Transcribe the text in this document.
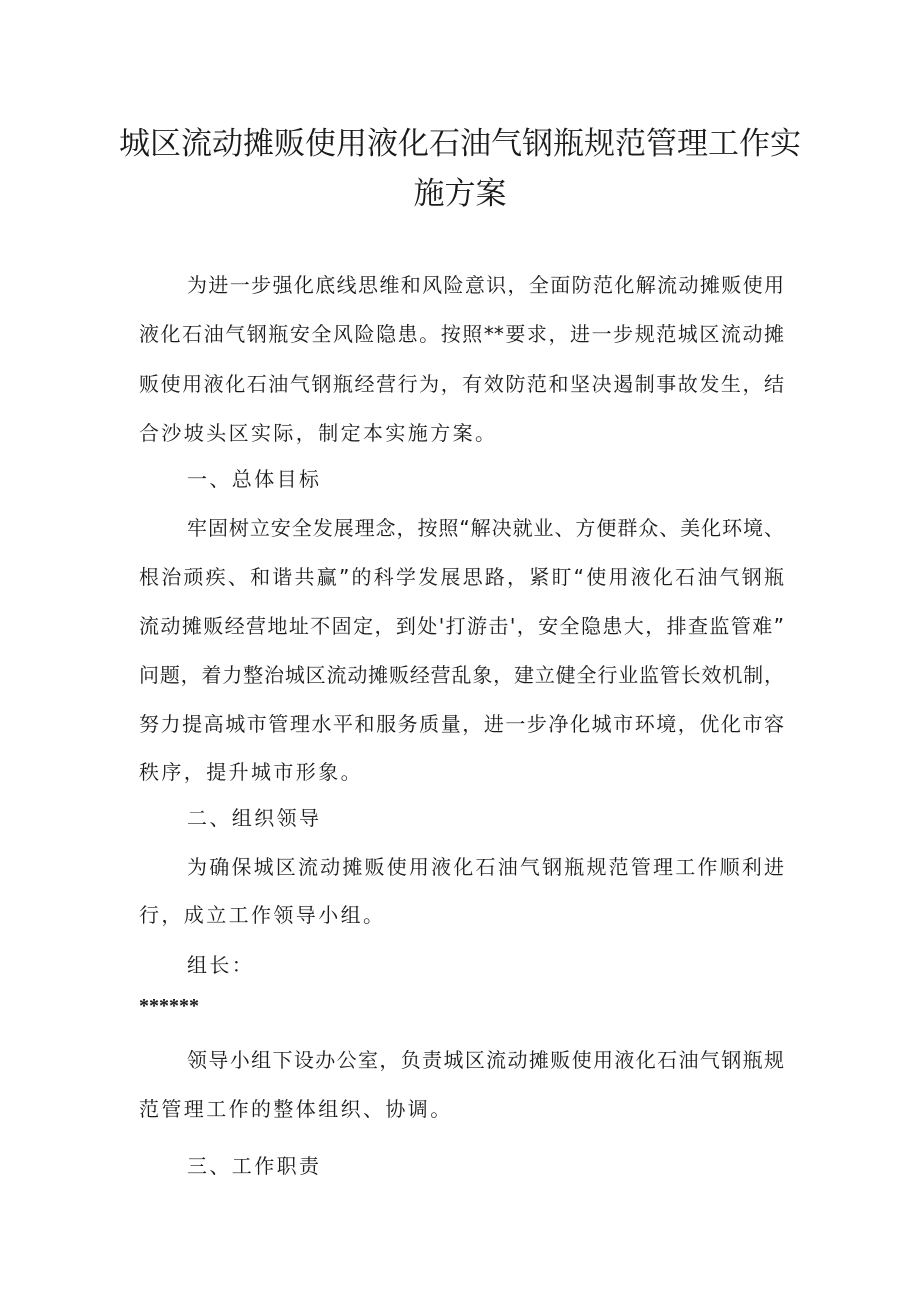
城区流动摊贩使用液化石油气钢瓶规范管理工作实
施方案
为进一步强化底线思维和风险意识，全面防范化解流动摊贩使用
液化石油气钢瓶安全风险隐患。按照**要求，进一步规范城区流动摊
贩使用液化石油气钢瓶经营行为，有效防范和坚决遏制事故发生，结
合沙坡头区实际，制定本实施方案。
一、总体目标
牢固树立安全发展理念，按照“解决就业、方便群众、美化环境、
根治顽疾、和谐共赢”的科学发展思路，紧盯“使用液化石油气钢瓶
流动摊贩经营地址不固定，到处'打游击'，安全隐患大，排查监管难”
问题，着力整治城区流动摊贩经营乱象，建立健全行业监管长效机制，
努力提高城市管理水平和服务质量，进一步净化城市环境，优化市容
秩序，提升城市形象。
二、组织领导
为确保城区流动摊贩使用液化石油气钢瓶规范管理工作顺利进
行，成立工作领导小组。
组长：
******
领导小组下设办公室，负责城区流动摊贩使用液化石油气钢瓶规
范管理工作的整体组织、协调。
三、工作职责
